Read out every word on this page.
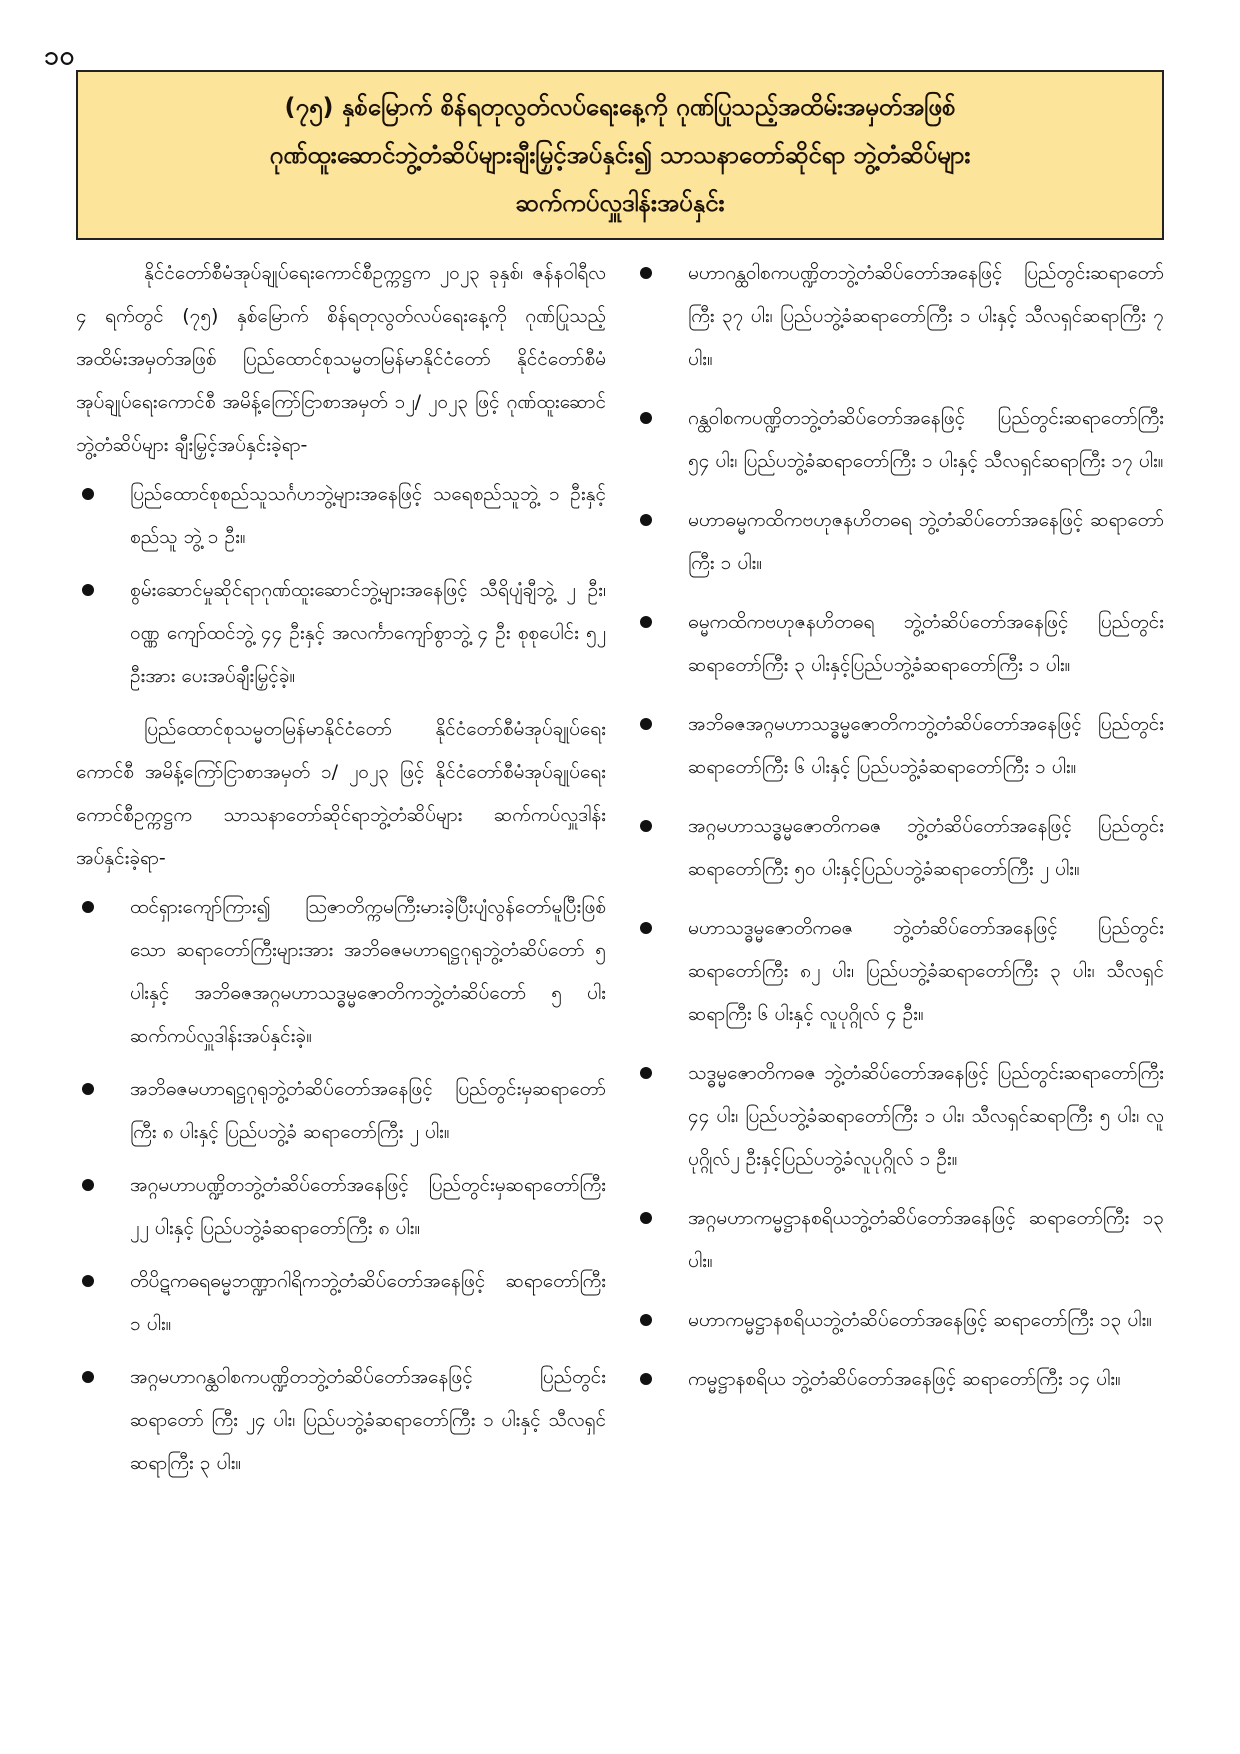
၁၀
(၇၅) နှစ်မြောက် စိန်ရတုလွတ်လပ်ရေးနေ့ကို ဂုဏ်ပြုသည့်အထိမ်းအမှတ်အဖြစ်
ဂုဏ်ထူးဆောင်ဘွဲ့တံဆိပ်များချီးမြှင့်အပ်နှင်း၍ သာသနာတော်ဆိုင်ရာ ဘွဲ့တံဆိပ်များ
ဆက်ကပ်လှူဒါန်းအပ်နှင်း

နိုင်ငံတော်စီမံအုပ်ချုပ်ရေးကောင်စီဥက္ကဋ္ဌက ၂၀၂၃ ခုနှစ်၊ ဇန်နဝါရီလ ၄ ရက်တွင် (၇၅) နှစ်မြောက် စိန်ရတုလွတ်လပ်ရေးနေ့ကို ဂုဏ်ပြုသည့်အထိမ်းအမှတ်အဖြစ် ပြည်ထောင်စုသမ္မတမြန်မာနိုင်ငံတော် နိုင်ငံတော်စီမံအုပ်ချုပ်ရေးကောင်စီ အမိန့်ကြော်ငြာစာအမှတ် ၁၂/ ၂၀၂၃ ဖြင့် ဂုဏ်ထူးဆောင်ဘွဲ့တံဆိပ်များ ချီးမြှင့်အပ်နှင်းခဲ့ရာ-

ပြည်ထောင်စုစည်သူသင်္ဂဟဘွဲ့များအနေဖြင့် သရေစည်သူဘွဲ့ ၁ ဦးနှင့် စည်သူ ဘွဲ့ ၁ ဦး။
စွမ်းဆောင်မှုဆိုင်ရာဂုဏ်ထူးဆောင်ဘွဲ့များအနေဖြင့် သီရိပျံချီဘွဲ့ ၂ ဦး၊ ဝဏ္ဏ ကျော်ထင်ဘွဲ့ ၄၄ ဦးနှင့် အလင်္ကာကျော်စွာဘွဲ့ ၄ ဦး စုစုပေါင်း ၅၂ ဦးအား ပေးအပ်ချီးမြှင့်ခဲ့။

ပြည်ထောင်စုသမ္မတမြန်မာနိုင်ငံတော် နိုင်ငံတော်စီမံအုပ်ချုပ်ရေးကောင်စီ အမိန့်ကြော်ငြာစာအမှတ် ၁/ ၂၀၂၃ ဖြင့် နိုင်ငံတော်စီမံအုပ်ချုပ်ရေးကောင်စီဥက္ကဋ္ဌက သာသနာတော်ဆိုင်ရာဘွဲ့တံဆိပ်များ ဆက်ကပ်လှူဒါန်းအပ်နှင်းခဲ့ရာ-

ထင်ရှားကျော်ကြား၍ သြဇာတိက္ကမကြီးမားခဲ့ပြီးပျံလွန်တော်မူပြီးဖြစ်သော ဆရာတော်ကြီးများအား အဘိဓဇမဟာရဋ္ဌဂုရုဘွဲ့တံဆိပ်တော် ၅ ပါးနှင့် အဘိဓဇအဂ္ဂမဟာသဒ္ဓမ္မဇောတိကဘွဲ့တံဆိပ်တော် ၅ ပါး ဆက်ကပ်လှူဒါန်းအပ်နှင်းခဲ့။
အဘိဓဇမဟာရဋ္ဌဂုရုဘွဲ့တံဆိပ်တော်အနေဖြင့် ပြည်တွင်းမှဆရာတော်ကြီး ၈ ပါးနှင့် ပြည်ပဘွဲ့ခံ ဆရာတော်ကြီး ၂ ပါး။
အဂ္ဂမဟာပဏ္ဍိတဘွဲ့တံဆိပ်တော်အနေဖြင့် ပြည်တွင်းမှဆရာတော်ကြီး ၂၂ ပါးနှင့် ပြည်ပဘွဲ့ခံဆရာတော်ကြီး ၈ ပါး။
တိပိဋကဓရဓမ္မဘဏ္ဍာဂါရိကဘွဲ့တံဆိပ်တော်အနေဖြင့် ဆရာတော်ကြီး ၁ ပါး။
အဂ္ဂမဟာဂန္ထဝါစကပဏ္ဍိတဘွဲ့တံဆိပ်တော်အနေဖြင့် ပြည်တွင်းဆရာတော် ကြီး ၂၄ ပါး၊ ပြည်ပဘွဲ့ခံဆရာတော်ကြီး ၁ ပါးနှင့် သီလရှင်ဆရာကြီး ၃ ပါး။
မဟာဂန္ထဝါစကပဏ္ဍိတဘွဲ့တံဆိပ်တော်အနေဖြင့် ပြည်တွင်းဆရာတော်ကြီး ၃၇ ပါး၊ ပြည်ပဘွဲ့ခံဆရာတော်ကြီး ၁ ပါးနှင့် သီလရှင်ဆရာကြီး ၇ ပါး။
ဂန္ထဝါစကပဏ္ဍိတဘွဲ့တံဆိပ်တော်အနေဖြင့် ပြည်တွင်းဆရာတော်ကြီး ၅၄ ပါး၊ ပြည်ပဘွဲ့ခံဆရာတော်ကြီး ၁ ပါးနှင့် သီလရှင်ဆရာကြီး ၁၇ ပါး။
မဟာဓမ္မကထိကဗဟုဇနဟိတဓရ ဘွဲ့တံဆိပ်တော်အနေဖြင့် ဆရာတော်ကြီး ၁ ပါး။
ဓမ္မကထိကဗဟုဇနဟိတဓရ ဘွဲ့တံဆိပ်တော်အနေဖြင့် ပြည်တွင်းဆရာတော်ကြီး ၃ ပါးနှင့်ပြည်ပဘွဲ့ခံဆရာတော်ကြီး ၁ ပါး။
အဘိဓဇအဂ္ဂမဟာသဒ္ဓမ္မဇောတိကဘွဲ့တံဆိပ်တော်အနေဖြင့် ပြည်တွင်းဆရာတော်ကြီး ၆ ပါးနှင့် ပြည်ပဘွဲ့ခံဆရာတော်ကြီး ၁ ပါး။
အဂ္ဂမဟာသဒ္ဓမ္မဇောတိကဓဇ ဘွဲ့တံဆိပ်တော်အနေဖြင့် ပြည်တွင်းဆရာတော်ကြီး ၅၀ ပါးနှင့်ပြည်ပဘွဲ့ခံဆရာတော်ကြီး ၂ ပါး။
မဟာသဒ္ဓမ္မဇောတိကဓဇ ဘွဲ့တံဆိပ်တော်အနေဖြင့် ပြည်တွင်းဆရာတော်ကြီး ၈၂ ပါး၊ ပြည်ပဘွဲ့ခံဆရာတော်ကြီး ၃ ပါး၊ သီလရှင်ဆရာကြီး ၆ ပါးနှင့် လူပုဂ္ဂိုလ် ၄ ဦး။
သဒ္ဓမ္မဇောတိကဓဇ ဘွဲ့တံဆိပ်တော်အနေဖြင့် ပြည်တွင်းဆရာတော်ကြီး ၄၄ ပါး၊ ပြည်ပဘွဲ့ခံဆရာတော်ကြီး ၁ ပါး၊ သီလရှင်ဆရာကြီး ၅ ပါး၊ လူပုဂ္ဂိုလ်၂ ဦးနှင့်ပြည်ပဘွဲ့ခံလူပုဂ္ဂိုလ် ၁ ဦး။
အဂ္ဂမဟာကမ္မဋ္ဌာနစရိယဘွဲ့တံဆိပ်တော်အနေဖြင့် ဆရာတော်ကြီး ၁၃ ပါး။
မဟာကမ္မဋ္ဌာနစရိယဘွဲ့တံဆိပ်တော်အနေဖြင့် ဆရာတော်ကြီး ၁၃ ပါး။
ကမ္မဋ္ဌာနစရိယ ဘွဲ့တံဆိပ်တော်အနေဖြင့် ဆရာတော်ကြီး ၁၄ ပါး။
